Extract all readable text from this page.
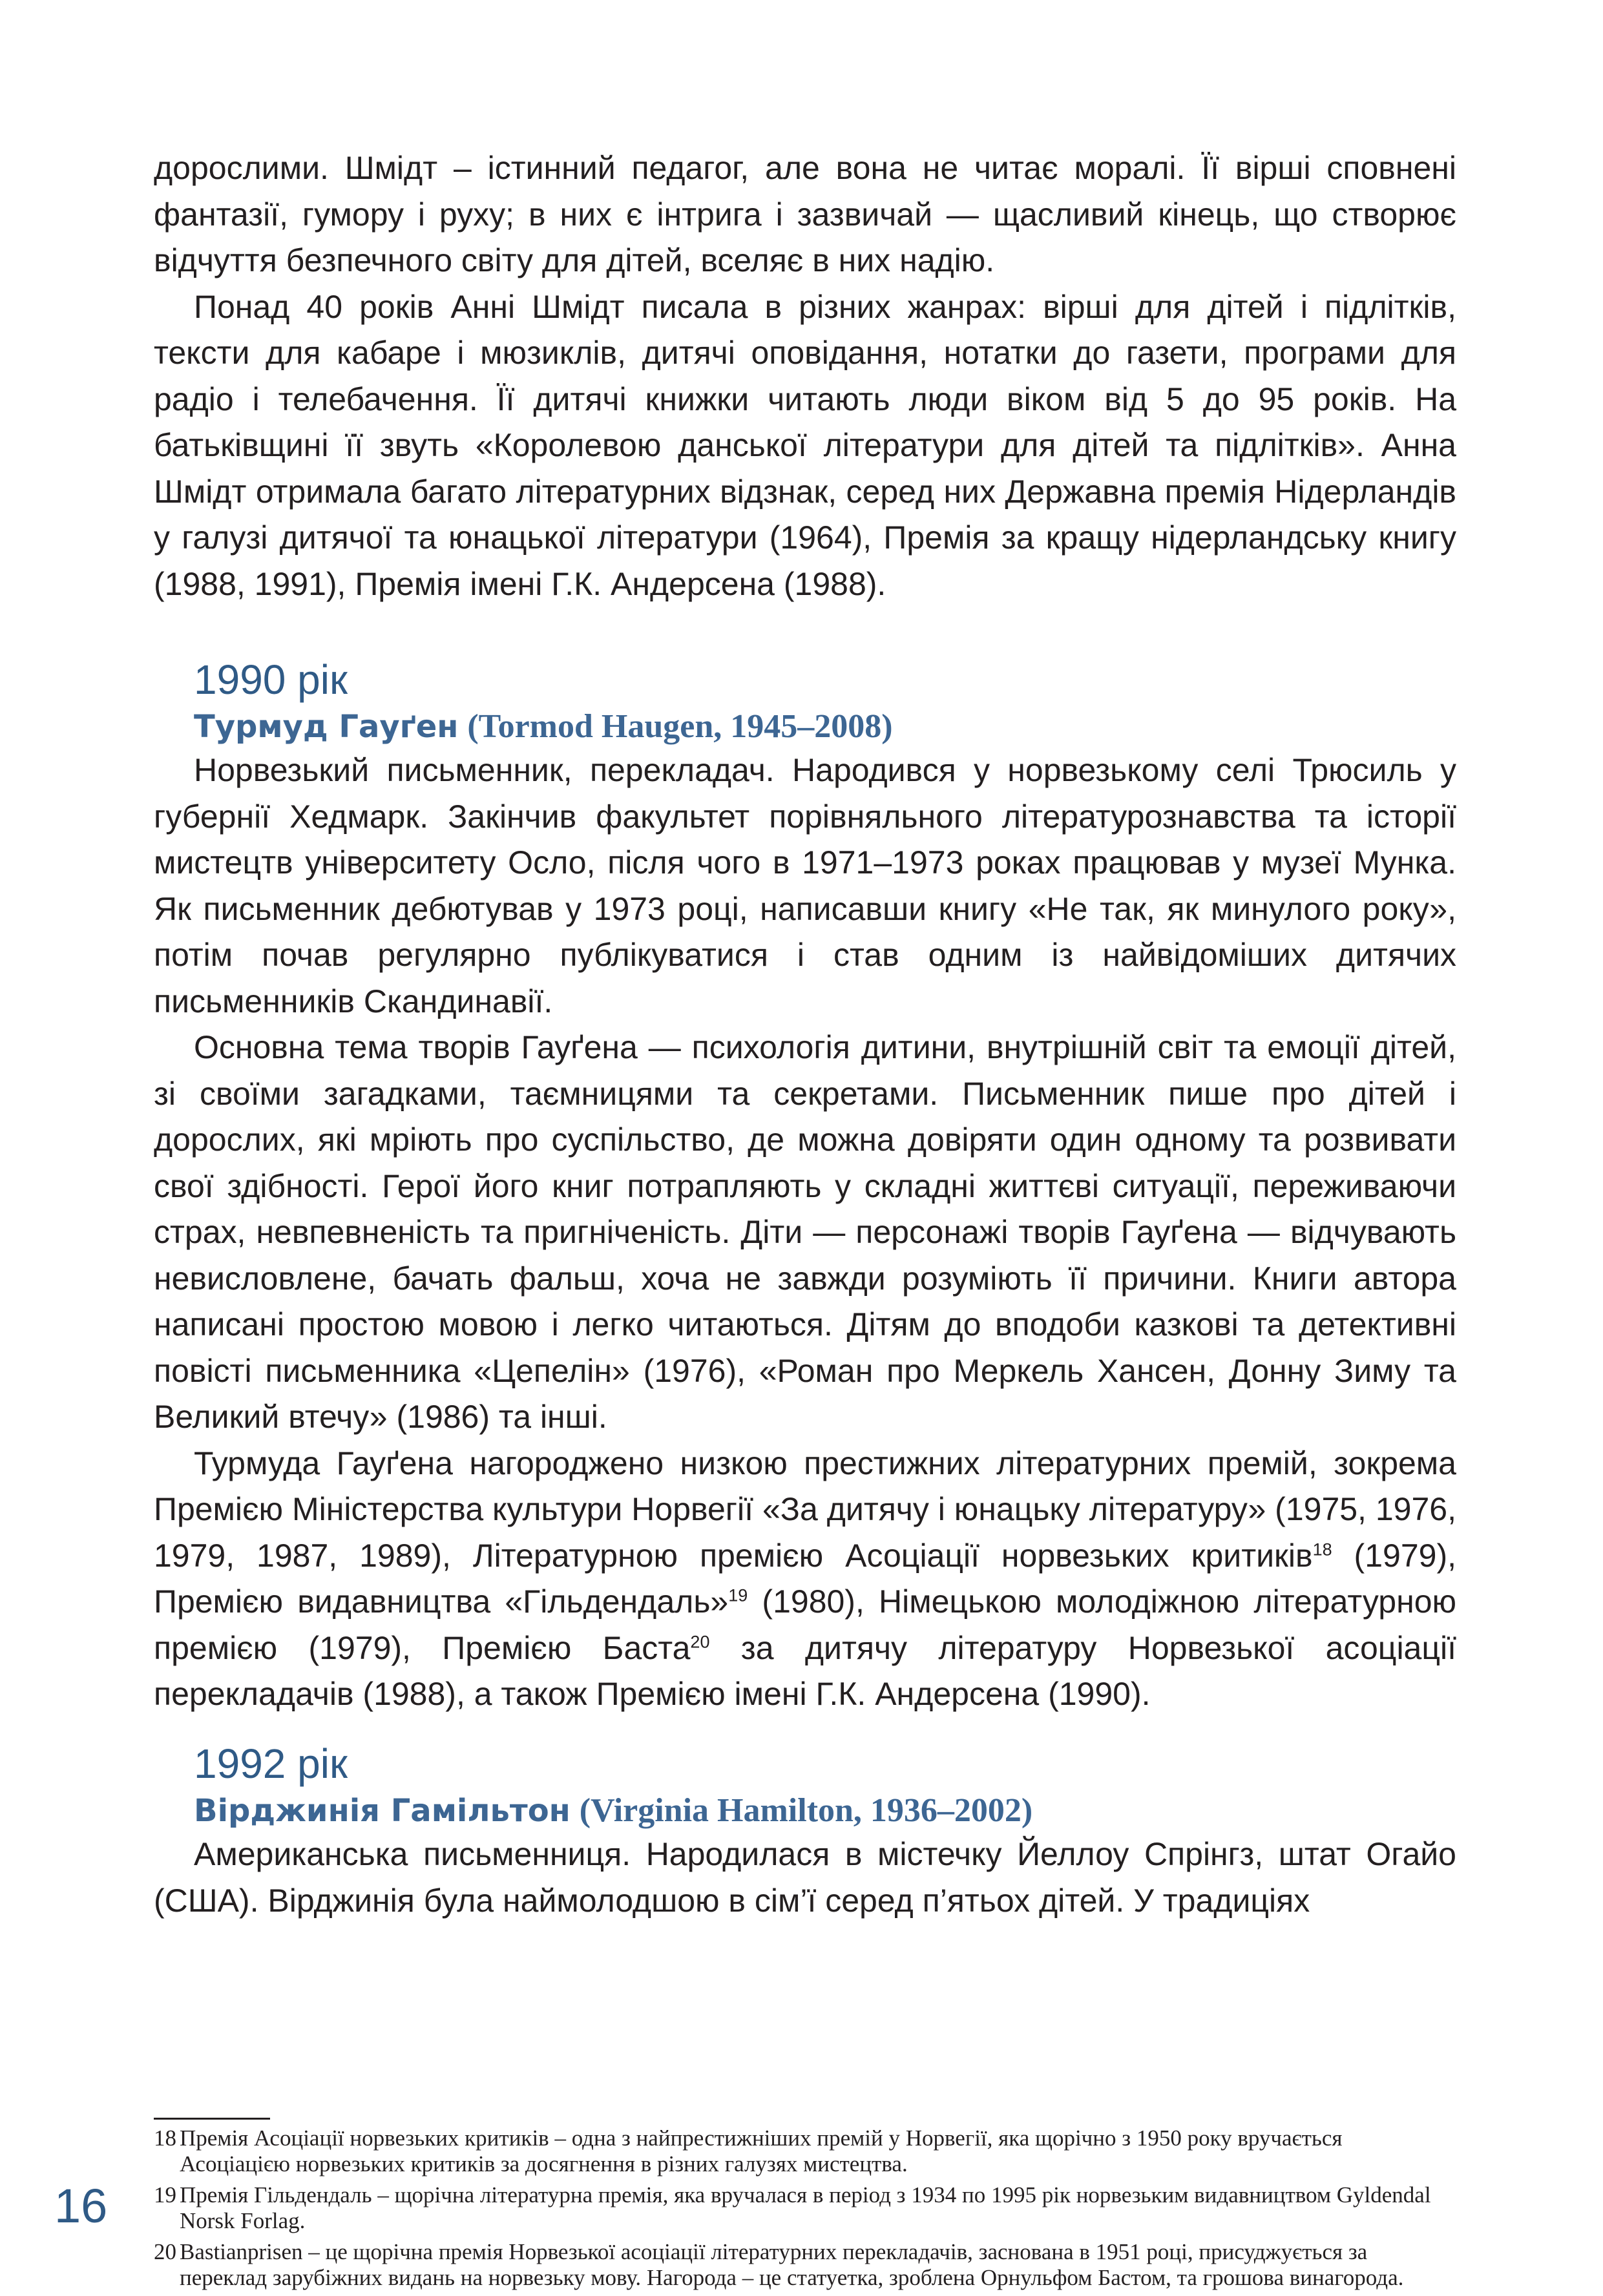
дорослими. Шмідт – істинний педагог, але вона не читає моралі. Її вірші сповнені фантазії, гумору і руху; в них є інтрига і зазвичай — щасливий кінець, що створює відчуття безпечного світу для дітей, вселяє в них надію.

Понад 40 років Анні Шмідт писала в різних жанрах: вірші для дітей і підлітків, тексти для кабаре і мюзиклів, дитячі оповідання, нотатки до газети, програми для радіо і телебачення. Її дитячі книжки читають люди віком від 5 до 95 років. На батьківщині її звуть «Королевою данської літератури для дітей та підлітків». Анна Шмідт отримала багато літературних відзнак, серед них Державна премія Нідерландів у галузі дитячої та юнацької літератури (1964), Премія за кращу нідерландську книгу (1988, 1991), Премія імені Г.К. Андерсена (1988).

1990 рік

Турмуд Гауґен (Tormod Haugen, 1945–2008)

Норвезький письменник, перекладач. Народився у норвезькому селі Трюсиль у губернії Хедмарк. Закінчив факультет порівняльного літературознавства та історії мистецтв університету Осло, після чого в 1971–1973 роках працював у музеї Мунка. Як письменник дебютував у 1973 році, написавши книгу «Не так, як минулого року», потім почав регулярно публікуватися і став одним із найвідоміших дитячих письменників Скандинавії.

Основна тема творів Гауґена — психологія дитини, внутрішній світ та емоції дітей, зі своїми загадками, таємницями та секретами. Письменник пише про дітей і дорослих, які мріють про суспільство, де можна довіряти один одному та розвивати свої здібності. Герої його книг потрапляють у складні життєві ситуації, переживаючи страх, невпевненість та пригніченість. Діти — персонажі творів Гауґена — відчувають невисловлене, бачать фальш, хоча не завжди розуміють її причини. Книги автора написані простою мовою і легко читаються. Дітям до вподоби казкові та детективні повісті письменника «Цепелін» (1976), «Роман про Меркель Хансен, Донну Зиму та Великий втечу» (1986) та інші.

Турмуда Гауґена нагороджено низкою престижних літературних премій, зокрема Премією Міністерства культури Норвегії «За дитячу і юнацьку літературу» (1975, 1976, 1979, 1987, 1989), Літературною премією Асоціації норвезьких критиків$^{18}$ (1979), Премією видавництва «Гільдендаль»$^{19}$ (1980), Німецькою молодіжною літературною премією (1979), Премією Баста$^{20}$ за дитячу літературу Норвезької асоціації перекладачів (1988), а також Премією імені Г.К. Андерсена (1990).

1992 рік

Вірджинія Гамільтон (Virginia Hamilton, 1936–2002)

Американська письменниця. Народилася в містечку Йеллоу Спрінгз, штат Огайо (США). Вірджинія була наймолодшою в сім’ї серед п’ятьох дітей. У традиціях

18 Премія Асоціації норвезьких критиків – одна з найпрестижніших премій у Норвегії, яка щорічно з 1950 року вручається Асоціацією норвезьких критиків за досягнення в різних галузях мистецтва.
19 Премія Гільдендаль – щорічна літературна премія, яка вручалася в період з 1934 по 1995 рік норвезьким видавництвом Gyldendal Norsk Forlag.
20 Bastianprisen – це щорічна премія Норвезької асоціації літературних перекладачів, заснована в 1951 році, присуджується за переклад зарубіжних видань на норвезьку мову. Нагорода – це статуетка, зроблена Орнульфом Бастом, та грошова винагорода.
16
